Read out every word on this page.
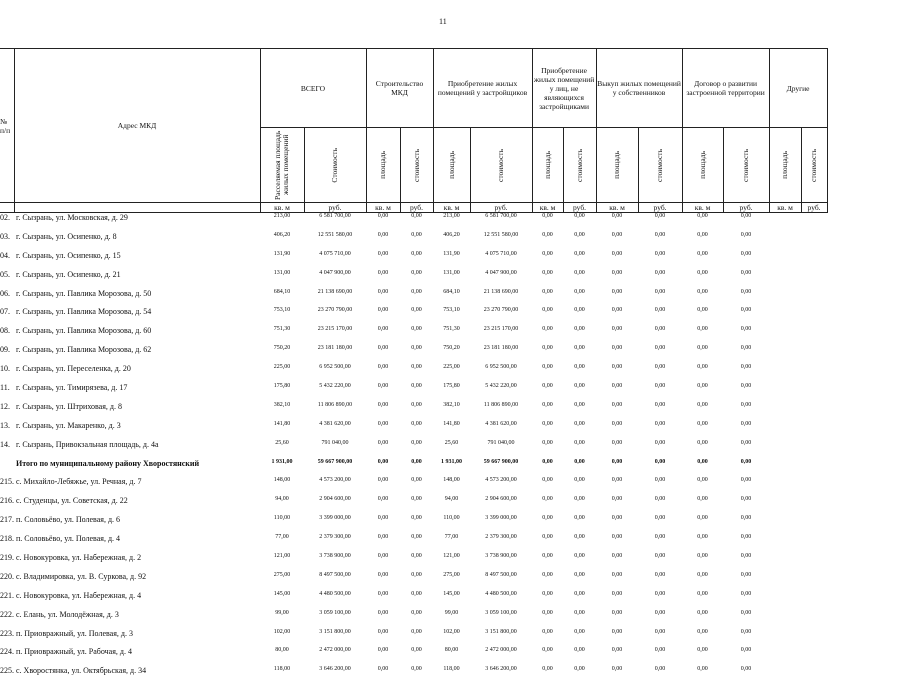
11
№ п/п	Адрес МКД	ВСЕГО		Строительство МКД		Приобретение жилых помещений у застройщиков		Приобретение жилых помещений у лиц, не являющихся застройщиками		Выкуп жилых помещений у собственников		Договор о развитии застроенной территории		Другие	

		Расселяемая площадь жилых помещений	Стоимость	площадь	стоимость	площадь	стоимость	площадь	стоимость	площадь	стоимость	площадь	стоимость	площадь	стоимость

		кв. м	руб.	кв. м	руб.	кв. м	руб.	кв. м	руб.	кв. м	руб.	кв. м	руб.	кв. м	руб.
02.	г. Сызрань, ул. Московская, д. 29	213,00	6 581 700,00	0,00	0,00	213,00	6 581 700,00	0,00	0,00	0,00	0,00	0,00	0,00		
03.	г. Сызрань, ул. Осипенко, д. 8	406,20	12 551 580,00	0,00	0,00	406,20	12 551 580,00	0,00	0,00	0,00	0,00	0,00	0,00		
04.	г. Сызрань, ул. Осипенко, д. 15	131,90	4 075 710,00	0,00	0,00	131,90	4 075 710,00	0,00	0,00	0,00	0,00	0,00	0,00		
05.	г. Сызрань, ул. Осипенко, д. 21	131,00	4 047 900,00	0,00	0,00	131,00	4 047 900,00	0,00	0,00	0,00	0,00	0,00	0,00		
06.	г. Сызрань, ул. Павлика Морозова, д. 50	684,10	21 138 690,00	0,00	0,00	684,10	21 138 690,00	0,00	0,00	0,00	0,00	0,00	0,00		
07.	г. Сызрань, ул. Павлика Морозова, д. 54	753,10	23 270 790,00	0,00	0,00	753,10	23 270 790,00	0,00	0,00	0,00	0,00	0,00	0,00		
08.	г. Сызрань, ул. Павлика Морозова, д. 60	751,30	23 215 170,00	0,00	0,00	751,30	23 215 170,00	0,00	0,00	0,00	0,00	0,00	0,00		
09.	г. Сызрань, ул. Павлика Морозова, д. 62	750,20	23 181 180,00	0,00	0,00	750,20	23 181 180,00	0,00	0,00	0,00	0,00	0,00	0,00		
10.	г. Сызрань, ул. Переселенка, д. 20	225,00	6 952 500,00	0,00	0,00	225,00	6 952 500,00	0,00	0,00	0,00	0,00	0,00	0,00		
11.	г. Сызрань, ул. Тимирязева, д. 17	175,80	5 432 220,00	0,00	0,00	175,80	5 432 220,00	0,00	0,00	0,00	0,00	0,00	0,00		
12.	г. Сызрань, ул. Штриховая, д. 8	382,10	11 806 890,00	0,00	0,00	382,10	11 806 890,00	0,00	0,00	0,00	0,00	0,00	0,00		
13.	г. Сызрань, ул. Макаренко, д. 3	141,80	4 381 620,00	0,00	0,00	141,80	4 381 620,00	0,00	0,00	0,00	0,00	0,00	0,00		
14.	г. Сызрань, Привокзальная площадь, д. 4а	25,60	791 040,00	0,00	0,00	25,60	791 040,00	0,00	0,00	0,00	0,00	0,00	0,00		
	Итого по муниципальному району Хворостянский	1 931,00	59 667 900,00	0,00	0,00	1 931,00	59 667 900,00	0,00	0,00	0,00	0,00	0,00	0,00		
215.	с. Михайло-Лебяжье, ул. Речная, д. 7	148,00	4 573 200,00	0,00	0,00	148,00	4 573 200,00	0,00	0,00	0,00	0,00	0,00	0,00		
216.	с. Студенцы, ул. Советская, д. 22	94,00	2 904 600,00	0,00	0,00	94,00	2 904 600,00	0,00	0,00	0,00	0,00	0,00	0,00		
217.	п. Соловьёво, ул. Полевая, д. 6	110,00	3 399 000,00	0,00	0,00	110,00	3 399 000,00	0,00	0,00	0,00	0,00	0,00	0,00		
218.	п. Соловьёво, ул. Полевая, д. 4	77,00	2 379 300,00	0,00	0,00	77,00	2 379 300,00	0,00	0,00	0,00	0,00	0,00	0,00		
219.	с. Новокуровка, ул. Набережная, д. 2	121,00	3 738 900,00	0,00	0,00	121,00	3 738 900,00	0,00	0,00	0,00	0,00	0,00	0,00		
220.	с. Владимировка, ул. В. Суркова, д. 92	275,00	8 497 500,00	0,00	0,00	275,00	8 497 500,00	0,00	0,00	0,00	0,00	0,00	0,00		
221.	с. Новокуровка, ул. Набережная, д. 4	145,00	4 480 500,00	0,00	0,00	145,00	4 480 500,00	0,00	0,00	0,00	0,00	0,00	0,00		
222.	с. Елань, ул. Молодёжная, д. 3	99,00	3 059 100,00	0,00	0,00	99,00	3 059 100,00	0,00	0,00	0,00	0,00	0,00	0,00		
223.	п. Приовражный, ул. Полевая, д. 3	102,00	3 151 800,00	0,00	0,00	102,00	3 151 800,00	0,00	0,00	0,00	0,00	0,00	0,00		
224.	п. Приовражный, ул. Рабочая, д. 4	80,00	2 472 000,00	0,00	0,00	80,00	2 472 000,00	0,00	0,00	0,00	0,00	0,00	0,00		
225.	с. Хворостянка, ул. Октябрьская, д. 34	118,00	3 646 200,00	0,00	0,00	118,00	3 646 200,00	0,00	0,00	0,00	0,00	0,00	0,00		
